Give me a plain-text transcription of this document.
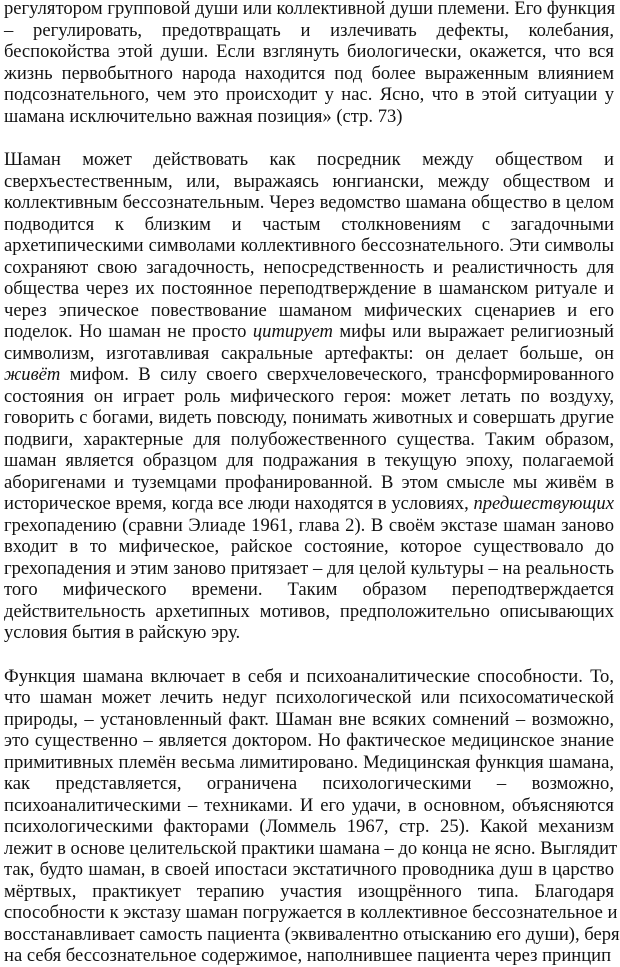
регулятором групповой души или коллективной души племени. Его функция
– регулировать, предотвращать и излечивать дефекты, колебания,
беспокойства этой души. Если взглянуть биологически, окажется, что вся
жизнь первобытного народа находится под более выраженным влиянием
подсознательного, чем это происходит у нас. Ясно, что в этой ситуации у
шамана исключительно важная позиция» (стр. 73)
Шаман может действовать как посредник между обществом и
сверхъестественным, или, выражаясь юнгиански, между обществом и
коллективным бессознательным. Через ведомство шамана общество в целом
подводится к близким и частым столкновениям с загадочными
архетипическими символами коллективного бессознательного. Эти символы
сохраняют свою загадочность, непосредственность и реалистичность для
общества через их постоянное переподтверждение в шаманском ритуале и
через эпическое повествование шаманом мифических сценариев и его
поделок. Но шаман не просто цитирует мифы или выражает религиозный
символизм, изготавливая сакральные артефакты: он делает больше, он
живёт мифом. В силу своего сверхчеловеческого, трансформированного
состояния он играет роль мифического героя: может летать по воздуху,
говорить с богами, видеть повсюду, понимать животных и совершать другие
подвиги, характерные для полубожественного существа. Таким образом,
шаман является образцом для подражания в текущую эпоху, полагаемой
аборигенами и туземцами профанированной. В этом смысле мы живём в
историческое время, когда все люди находятся в условиях, предшествующих
грехопадению (сравни Элиаде 1961, глава 2). В своём экстазе шаман заново
входит в то мифическое, райское состояние, которое существовало до
грехопадения и этим заново притязает – для целой культуры – на реальность
того мифического времени. Таким образом переподтверждается
действительность архетипных мотивов, предположительно описывающих
условия бытия в райскую эру.
Функция шамана включает в себя и психоаналитические способности. То,
что шаман может лечить недуг психологической или психосоматической
природы, – установленный факт. Шаман вне всяких сомнений – возможно,
это существенно – является доктором. Но фактическое медицинское знание
примитивных племён весьма лимитировано. Медицинская функция шамана,
как представляется, ограничена психологическими – возможно,
психоаналитическими – техниками. И его удачи, в основном, объясняются
психологическими факторами (Ломмель 1967, стр. 25). Какой механизм
лежит в основе целительской практики шамана – до конца не ясно. Выглядит
так, будто шаман, в своей ипостаси экстатичного проводника душ в царство
мёртвых, практикует терапию участия изощрённого типа. Благодаря
способности к экстазу шаман погружается в коллективное бессознательное и
восстанавливает самость пациента (эквивалентно отысканию его души), беря
на себя бессознательное содержимое, наполнившее пациента через принцип
